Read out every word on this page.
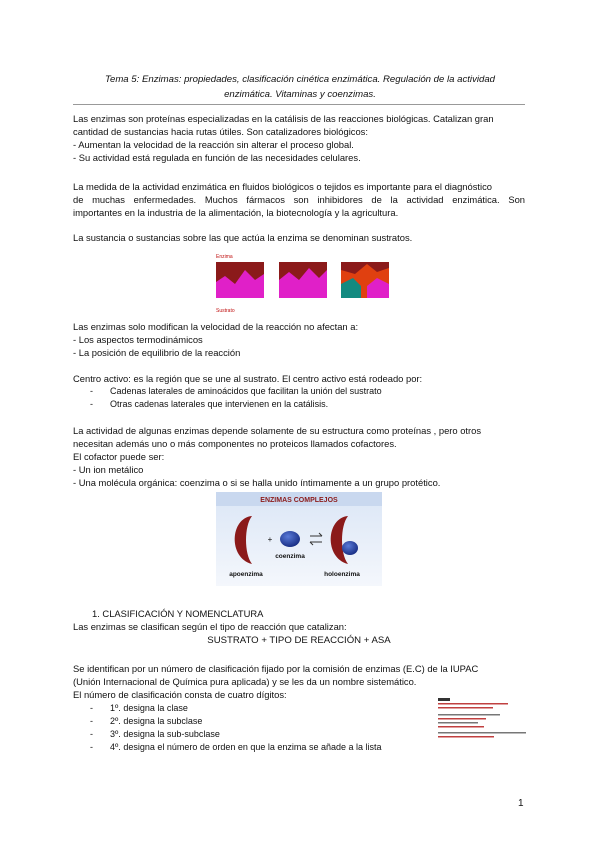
Tema 5: Enzimas: propiedades, clasificación cinética enzimática. Regulación de la actividad
enzimática. Vitaminas y coenzimas.
Las enzimas son proteínas especializadas en la catálisis de las reacciones biológicas. Catalizan gran
cantidad de sustancias hacia rutas útiles. Son catalizadores biológicos:
- Aumentan la velocidad de la reacción sin alterar el proceso global.
- Su actividad está regulada en función de las necesidades celulares.
La medida de la actividad enzimática en fluidos biológicos o tejidos es importante para el diagnóstico
de muchas enfermedades. Muchos fármacos son inhibidores de la actividad enzimática. Son
importantes en la industria de la alimentación, la biotecnología y la agricultura.
La sustancia o sustancias sobre las que actúa la enzima se denominan sustratos.
Enzima
Sustrato
Las enzimas solo modifican la velocidad de la reacción no afectan a:
- Los aspectos termodinámicos
- La posición de equilibrio de la reacción
Centro activo: es la región que se une al sustrato. El centro activo está rodeado por:
- Cadenas laterales de aminoácidos que facilitan la unión del sustrato
- Otras cadenas laterales que intervienen en la catálisis.
La actividad de algunas enzimas depende solamente de su estructura como proteínas , pero otros
necesitan además uno o más componentes no proteicos llamados cofactores.
El cofactor puede ser:
- Un ion metálico
- Una molécula orgánica: coenzima o si se halla unido íntimamente a un grupo protético.
ENZIMAS COMPLEJOS
+
coenzima
apoenzima	holoenzima
1. CLASIFICACIÓN Y NOMENCLATURA
Las enzimas se clasifican según el tipo de reacción que catalizan:
SUSTRATO + TIPO DE REACCIÓN + ASA
Se identifican por un número de clasificación fijado por la comisión de enzimas (E.C) de la IUPAC
(Unión Internacional de Química pura aplicada) y se les da un nombre sistemático.
El número de clasificación consta de cuatro dígitos:
- 1º. designa la clase
- 2º. designa la subclase
- 3º. designa la sub-subclase
- 4º. designa el número de orden en que la enzima se añade a la lista
1
